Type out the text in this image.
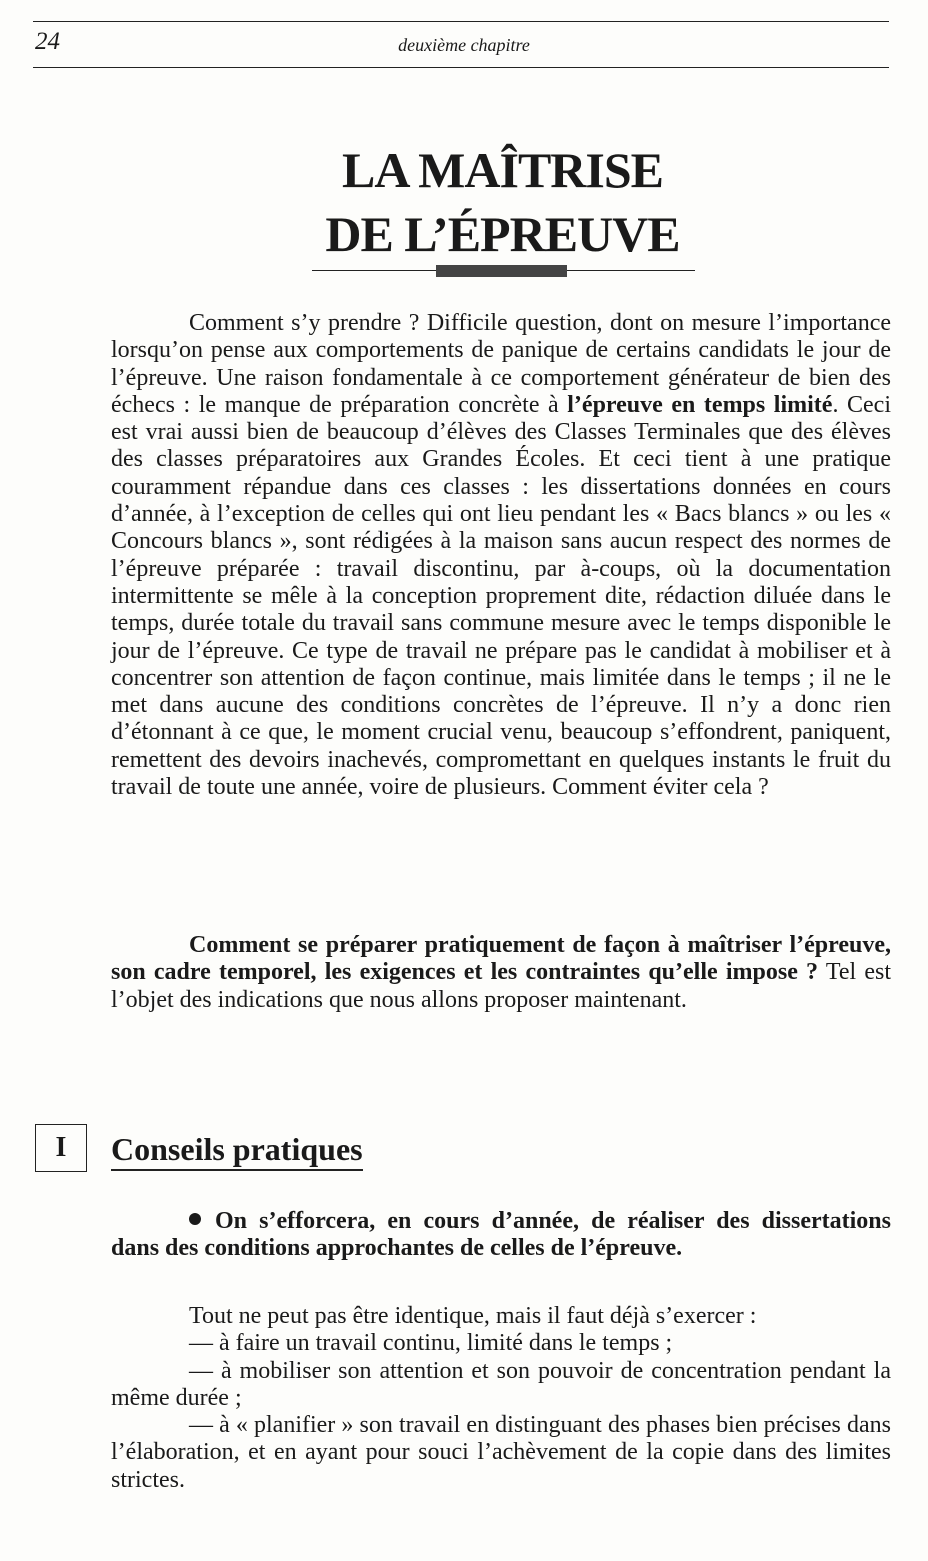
24	deuxième chapitre
LA MAÎTRISE
DE L’ÉPREUVE

Comment s’y prendre ? Difficile question, dont on mesure l’importance lorsqu’on pense aux comportements de panique de certains candidats le jour de l’épreuve. Une raison fondamentale à ce comportement générateur de bien des échecs : le manque de préparation concrète à l’épreuve en temps limité. Ceci est vrai aussi bien de beaucoup d’élèves des Classes Terminales que des élèves des classes préparatoires aux Grandes Écoles. Et ceci tient à une pratique couramment répandue dans ces classes : les dissertations données en cours d’année, à l’exception de celles qui ont lieu pendant les « Bacs blancs » ou les « Concours blancs », sont rédigées à la maison sans aucun respect des normes de l’épreuve préparée : travail discontinu, par à-coups, où la documentation intermittente se mêle à la conception proprement dite, rédaction diluée dans le temps, durée totale du travail sans commune mesure avec le temps disponible le jour de l’épreuve. Ce type de travail ne prépare pas le candidat à mobiliser et à concentrer son attention de façon continue, mais limitée dans le temps ; il ne le met dans aucune des conditions concrètes de l’épreuve. Il n’y a donc rien d’étonnant à ce que, le moment crucial venu, beaucoup s’effondrent, paniquent, remettent des devoirs inachevés, compromettant en quelques instants le fruit du travail de toute une année, voire de plusieurs. Comment éviter cela ?

Comment se préparer pratiquement de façon à maîtriser l’épreuve, son cadre temporel, les exigences et les contraintes qu’elle impose ? Tel est l’objet des indications que nous allons proposer maintenant.

I	Conseils pratiques

On s’efforcera, en cours d’année, de réaliser des dissertations dans des conditions approchantes de celles de l’épreuve.

Tout ne peut pas être identique, mais il faut déjà s’exercer :

— à faire un travail continu, limité dans le temps ;

— à mobiliser son attention et son pouvoir de concentration pendant la même durée ;

— à « planifier » son travail en distinguant des phases bien précises dans l’élaboration, et en ayant pour souci l’achèvement de la copie dans des limites strictes.
